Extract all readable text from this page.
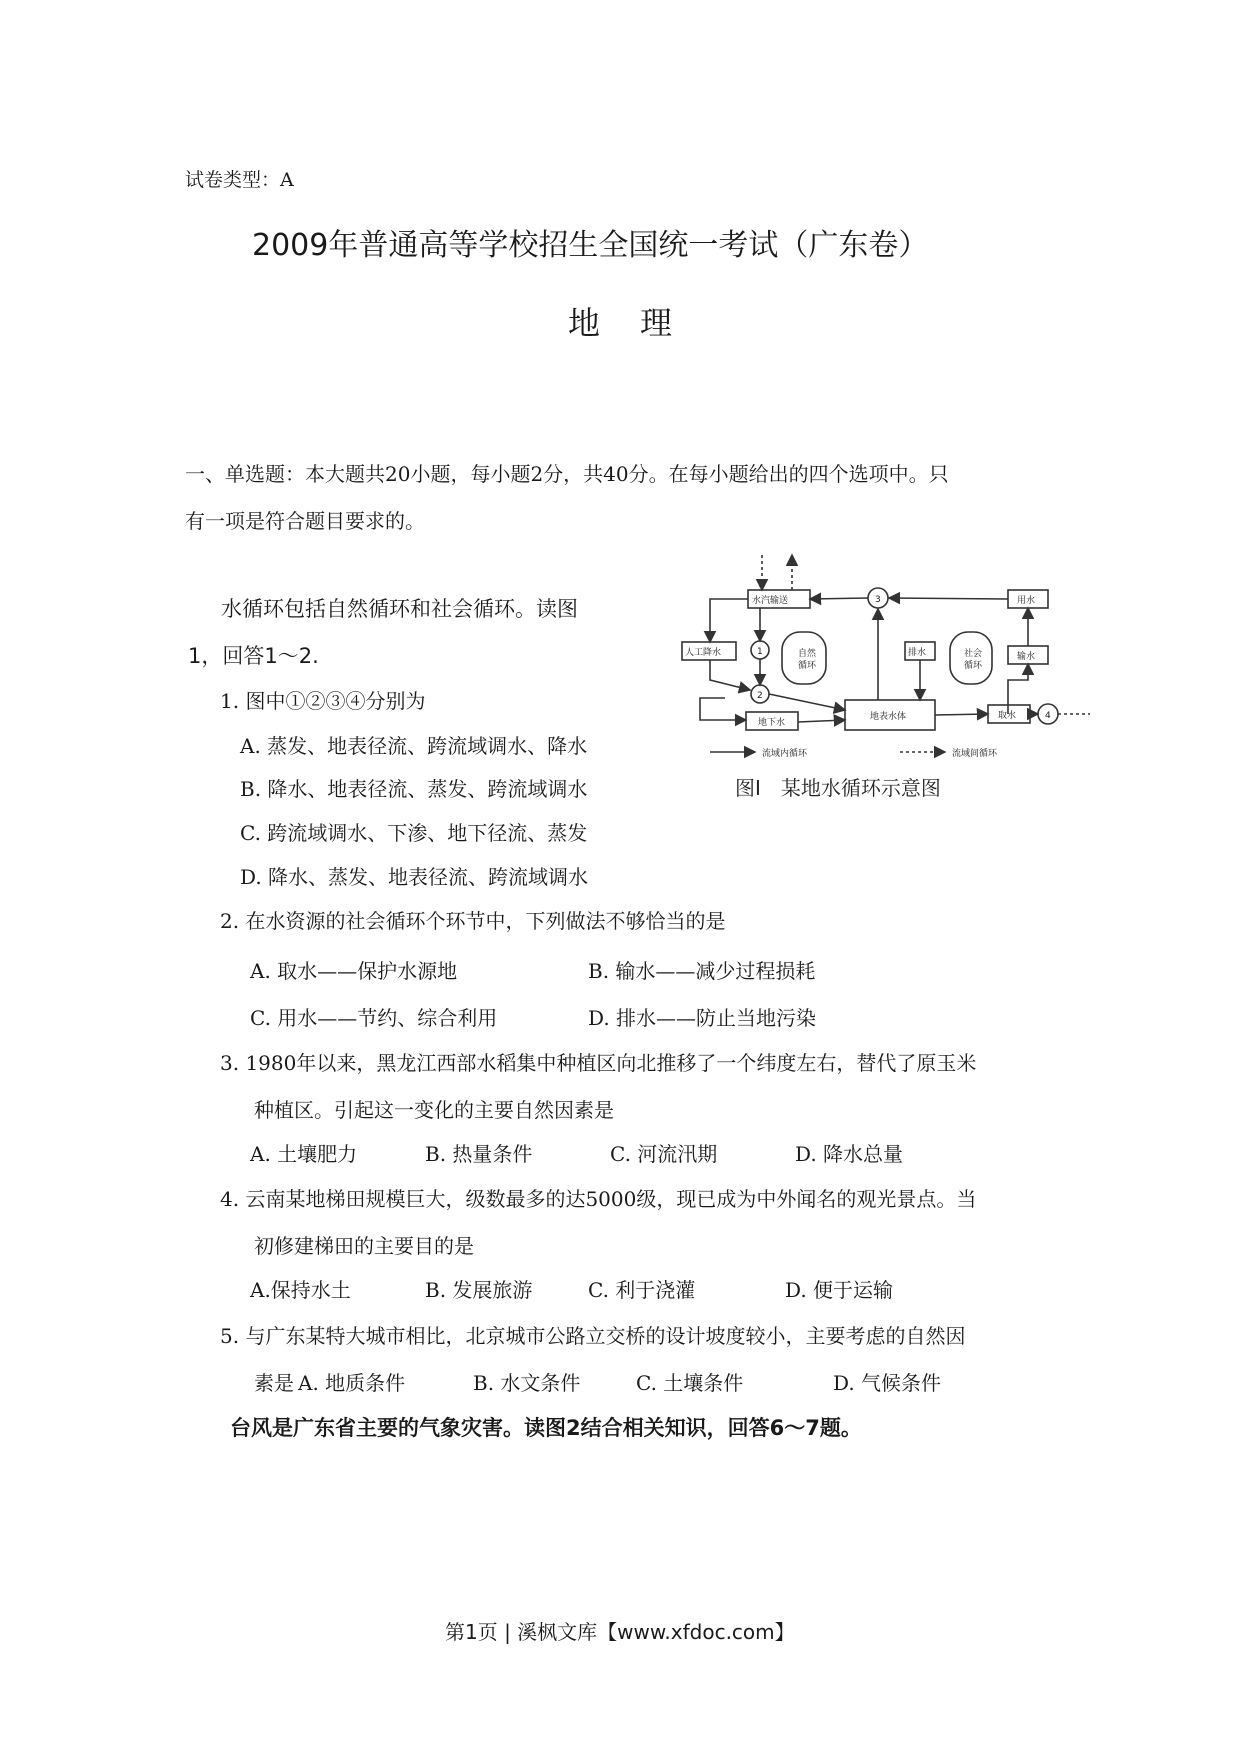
试卷类型：A
2009年普通高等学校招生全国统一考试（广东卷）
地理
一、单选题：本大题共20小题，每小题2分，共40分。在每小题给出的四个选项中。只
有一项是符合题目要求的。
水循环包括自然循环和社会循环。读图
1，回答1～2.
水汽输送
人工降水	自然
循环
地下水
地表水体
排水	社会
循环
用水
输水
取水
1
2
3
4
流域内循环	流域间循环
图Ⅰ　某地水循环示意图
1. 图中①②③④分别为
A. 蒸发、地表径流、跨流域调水、降水
B. 降水、地表径流、蒸发、跨流域调水
C. 跨流域调水、下渗、地下径流、蒸发
D. 降水、蒸发、地表径流、跨流域调水
2. 在水资源的社会循环个环节中，下列做法不够恰当的是
A. 取水——保护水源地	B. 输水——减少过程损耗
C. 用水——节约、综合利用	D. 排水——防止当地污染
3. 1980年以来，黑龙江西部水稻集中种植区向北推移了一个纬度左右，替代了原玉米
种植区。引起这一变化的主要自然因素是
A. 土壤肥力	B. 热量条件	C. 河流汛期	D. 降水总量
4. 云南某地梯田规模巨大，级数最多的达5000级，现已成为中外闻名的观光景点。当
初修建梯田的主要目的是
A.保持水土	B. 发展旅游	C. 利于浇灌	D. 便于运输
5. 与广东某特大城市相比，北京城市公路立交桥的设计坡度较小，主要考虑的自然因
素是 A. 地质条件	B. 水文条件	C. 土壤条件	D. 气候条件
台风是广东省主要的气象灾害。读图2结合相关知识，回答6～7题。
第1页 | 溪枫文库【www.xfdoc.com】
